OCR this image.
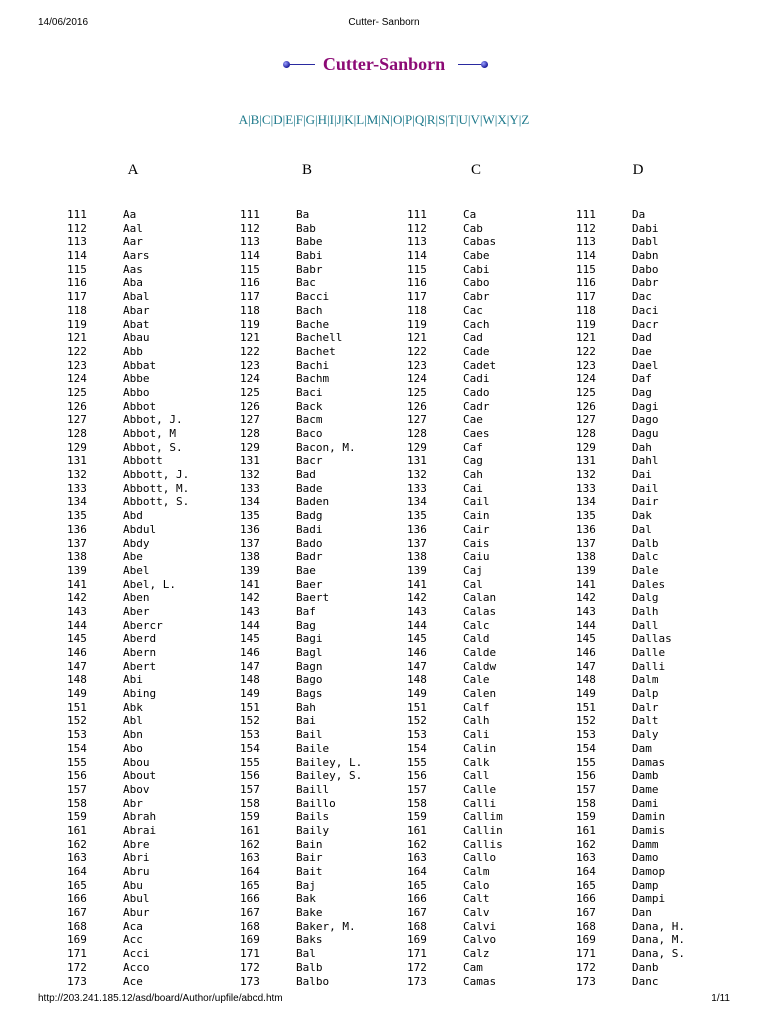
14/06/2016	Cutter- Sanborn
Cutter-Sanborn
A|B|C|D|E|F|G|H|I|J|K|L|M|N|O|P|Q|R|S|T|U|V|W|X|Y|Z
A	B	C	D
111	Aa
112	Aal
113	Aar
114	Aars
115	Aas
116	Aba
117	Abal
118	Abar
119	Abat
121	Abau
122	Abb
123	Abbat
124	Abbe
125	Abbo
126	Abbot
127	Abbot, J.
128	Abbot, M
129	Abbot, S.
131	Abbott
132	Abbott, J.
133	Abbott, M.
134	Abbott, S.
135	Abd
136	Abdul
137	Abdy
138	Abe
139	Abel
141	Abel, L.
142	Aben
143	Aber
144	Abercr
145	Aberd
146	Abern
147	Abert
148	Abi
149	Abing
151	Abk
152	Abl
153	Abn
154	Abo
155	Abou
156	About
157	Abov
158	Abr
159	Abrah
161	Abrai
162	Abre
163	Abri
164	Abru
165	Abu
166	Abul
167	Abur
168	Aca
169	Acc
171	Acci
172	Acco
173	Ace
111	Ba
112	Bab
113	Babe
114	Babi
115	Babr
116	Bac
117	Bacci
118	Bach
119	Bache
121	Bachell
122	Bachet
123	Bachi
124	Bachm
125	Baci
126	Back
127	Bacm
128	Baco
129	Bacon, M.
131	Bacr
132	Bad
133	Bade
134	Baden
135	Badg
136	Badi
137	Bado
138	Badr
139	Bae
141	Baer
142	Baert
143	Baf
144	Bag
145	Bagi
146	Bagl
147	Bagn
148	Bago
149	Bags
151	Bah
152	Bai
153	Bail
154	Baile
155	Bailey, L.
156	Bailey, S.
157	Baill
158	Baillo
159	Bails
161	Baily
162	Bain
163	Bair
164	Bait
165	Baj
166	Bak
167	Bake
168	Baker, M.
169	Baks
171	Bal
172	Balb
173	Balbo
111	Ca
112	Cab
113	Cabas
114	Cabe
115	Cabi
116	Cabo
117	Cabr
118	Cac
119	Cach
121	Cad
122	Cade
123	Cadet
124	Cadi
125	Cado
126	Cadr
127	Cae
128	Caes
129	Caf
131	Cag
132	Cah
133	Cai
134	Cail
135	Cain
136	Cair
137	Cais
138	Caiu
139	Caj
141	Cal
142	Calan
143	Calas
144	Calc
145	Cald
146	Calde
147	Caldw
148	Cale
149	Calen
151	Calf
152	Calh
153	Cali
154	Calin
155	Calk
156	Call
157	Calle
158	Calli
159	Callim
161	Callin
162	Callis
163	Callo
164	Calm
165	Calo
166	Calt
167	Calv
168	Calvi
169	Calvo
171	Calz
172	Cam
173	Camas
111	Da
112	Dabi
113	Dabl
114	Dabn
115	Dabo
116	Dabr
117	Dac
118	Daci
119	Dacr
121	Dad
122	Dae
123	Dael
124	Daf
125	Dag
126	Dagi
127	Dago
128	Dagu
129	Dah
131	Dahl
132	Dai
133	Dail
134	Dair
135	Dak
136	Dal
137	Dalb
138	Dalc
139	Dale
141	Dales
142	Dalg
143	Dalh
144	Dall
145	Dallas
146	Dalle
147	Dalli
148	Dalm
149	Dalp
151	Dalr
152	Dalt
153	Daly
154	Dam
155	Damas
156	Damb
157	Dame
158	Dami
159	Damin
161	Damis
162	Damm
163	Damo
164	Damop
165	Damp
166	Dampi
167	Dan
168	Dana, H.
169	Dana, M.
171	Dana, S.
172	Danb
173	Danc
http://203.241.185.12/asd/board/Author/upfile/abcd.htm	1/11
